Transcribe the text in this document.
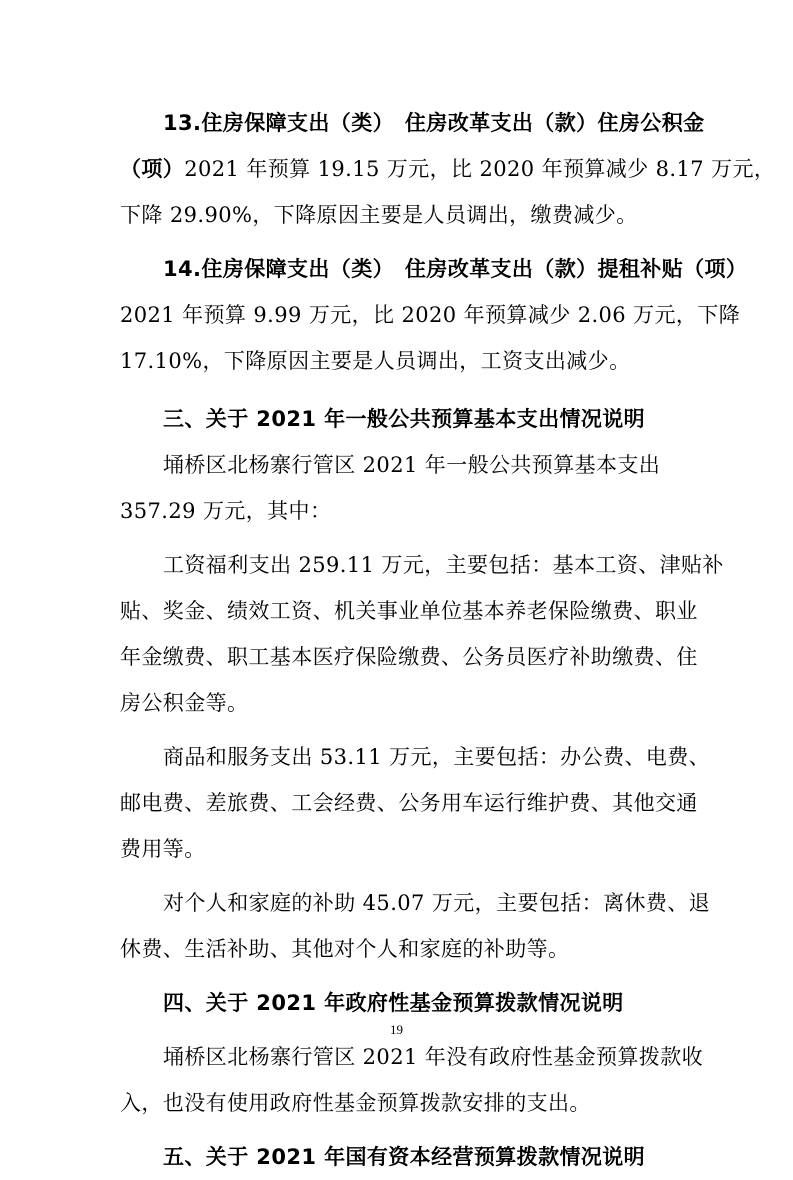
13.住房保障支出（类）　住房改革支出（款）住房公积金
（项）2021 年预算 19.15 万元，比 2020 年预算减少 8.17 万元，
下降 29.90%，下降原因主要是人员调出，缴费减少。
14.住房保障支出（类）　住房改革支出（款）提租补贴（项）
2021 年预算 9.99 万元，比 2020 年预算减少 2.06 万元，下降
17.10%，下降原因主要是人员调出，工资支出减少。
三、关于 2021 年一般公共预算基本支出情况说明
埇桥区北杨寨行管区 2021 年一般公共预算基本支出
357.29 万元，其中：
工资福利支出 259.11 万元，主要包括：基本工资、津贴补
贴、奖金、绩效工资、机关事业单位基本养老保险缴费、职业
年金缴费、职工基本医疗保险缴费、公务员医疗补助缴费、住
房公积金等。
商品和服务支出 53.11 万元，主要包括：办公费、电费、
邮电费、差旅费、工会经费、公务用车运行维护费、其他交通
费用等。
对个人和家庭的补助 45.07 万元，主要包括：离休费、退
休费、生活补助、其他对个人和家庭的补助等。
四、关于 2021 年政府性基金预算拨款情况说明
埇桥区北杨寨行管区 2021 年没有政府性基金预算拨款收
入，也没有使用政府性基金预算拨款安排的支出。
五、关于 2021 年国有资本经营预算拨款情况说明
19
